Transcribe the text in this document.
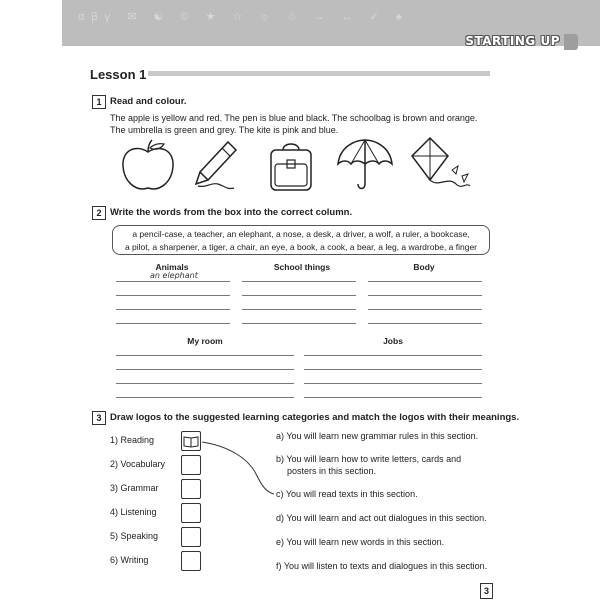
αβγ ✉ ☯ © ★ ☆ ☼ ☃ → ↔ ✓ ♠
STARTING UP
Lesson 1
1 Read and colour.
The apple is yellow and red. The pen is blue and black. The schoolbag is brown and orange.
The umbrella is green and grey. The kite is pink and blue.
2 Write the words from the box into the correct column.
a pencil-case, a teacher, an elephant, a nose, a desk, a driver, a wolf, a ruler, a bookcase,
a pilot, a sharpener, a tiger, a chair, an eye, a book, a cook, a bear, a leg, a wardrobe, a finger
Animals	School things	Body
an elephant
My room	Jobs
3 Draw logos to the suggested learning categories and match the logos with their meanings.
1) Reading
2) Vocabulary
3) Grammar
4) Listening
5) Speaking
6) Writing
a) You will learn new grammar rules in this section.
b) You will learn how to write letters, cards and
posters in this section.
c) You will read texts in this section.
d) You will learn and act out dialogues in this section.
e) You will learn new words in this section.
f) You will listen to texts and dialogues in this section.
3
